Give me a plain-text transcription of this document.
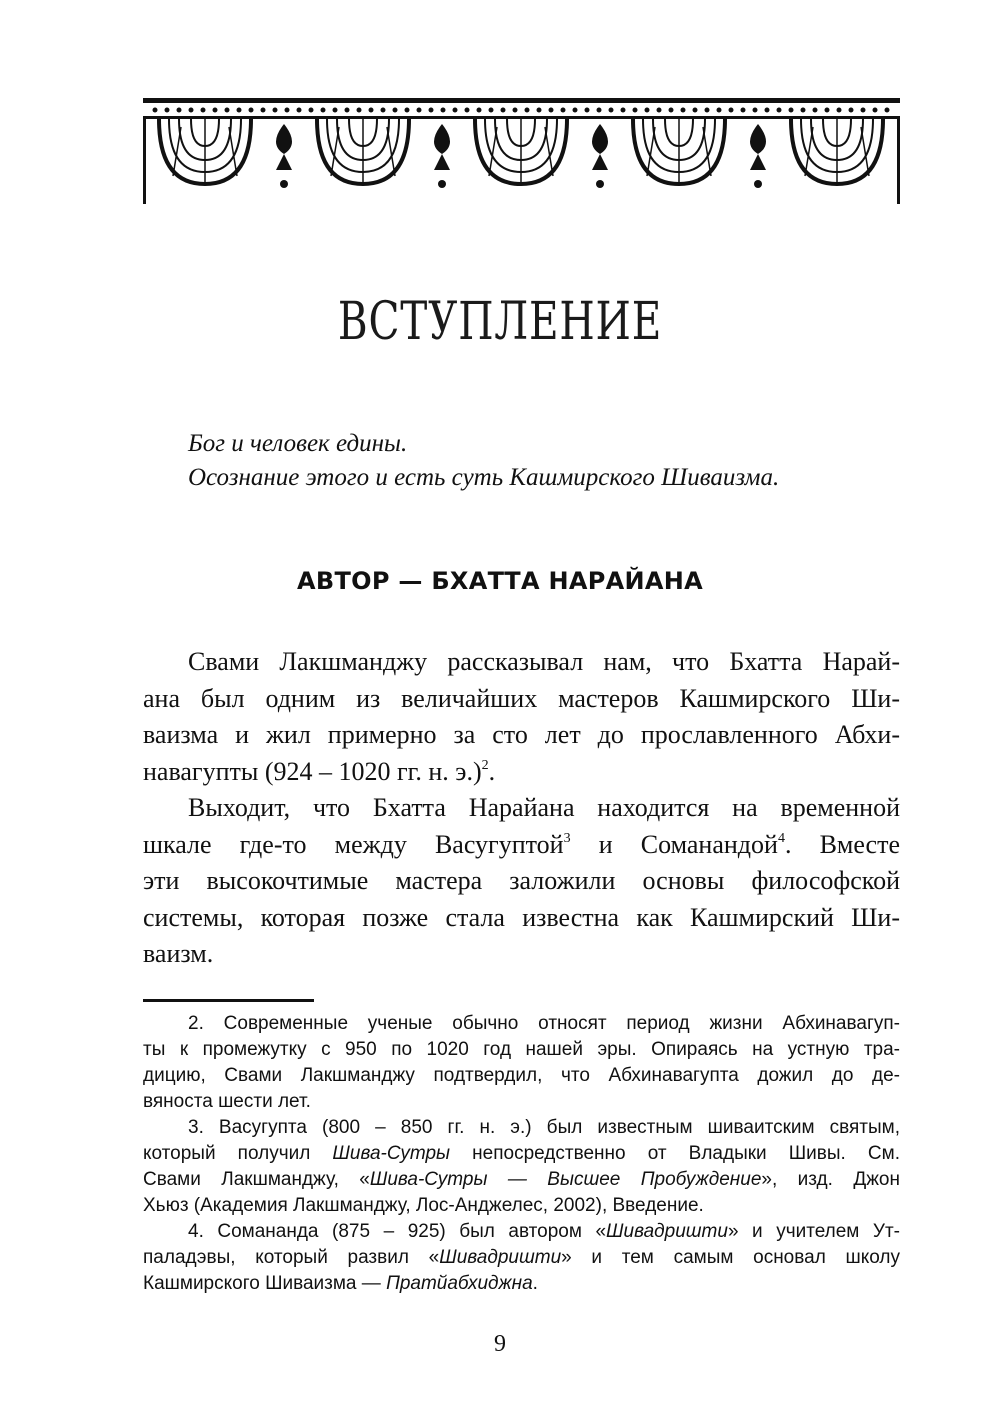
ВСТУПЛЕНИЕ
Бог и человек едины.
Осознание этого и есть суть Кашмирского Шиваизма.
АВТОР — БХАТТА НАРАЙАНА
Свами Лакшманджу рассказывал нам, что Бхатта Нарай-
ана был одним из величайших мастеров Кашмирского Ши-
ваизма и жил примерно за сто лет до прославленного Абхи-
навагупты (924 – 1020 гг. н. э.)$^2$.
Выходит, что Бхатта Нарайана находится на временной
шкале где-то между Васугуптой$^3$ и Соманандой$^4$. Вместе
эти высокочтимые мастера заложили основы философской
системы, которая позже стала известна как Кашмирский Ши-
ваизм.
2. Современные ученые обычно относят период жизни Абхинавагуп-
ты к промежутку с 950 по 1020 год нашей эры. Опираясь на устную тра-
дицию, Свами Лакшманджу подтвердил, что Абхинавагупта дожил до де-
вяноста шести лет.
3. Васугупта (800 – 850 гг. н. э.) был известным шиваитским святым,
который получил Шива-Сутры непосредственно от Владыки Шивы. См.
Свами Лакшманджу, «Шива-Сутры — Высшее Пробуждение», изд. Джон
Хьюз (Академия Лакшманджу, Лос-Анджелес, 2002), Введение.
4. Сомананда (875 – 925) был автором «Шивадришти» и учителем Ут-
паладэвы, который развил «Шивадришти» и тем самым основал школу
Кашмирского Шиваизма — Пратйабхиджна.
9
